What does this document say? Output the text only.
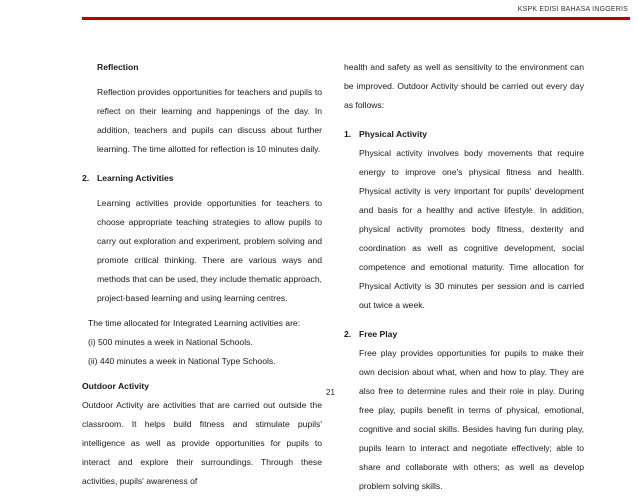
KSPK EDISI BAHASA INGGERIS

Reflection

Reflection provides opportunities for teachers and pupils to reflect on their learning and happenings of the day. In addition, teachers and pupils can discuss about further learning. The time allotted for reflection is 10 minutes daily.

2. Learning Activities

Learning activities provide opportunities for teachers to choose appropriate teaching strategies to allow pupils to carry out exploration and experiment, problem solving and promote critical thinking. There are various ways and methods that can be used, they include thematic approach, project-based learning and using learning centres.

The time allocated for Integrated Learning activities are:

(i) 500 minutes a week in National Schools.

(ii) 440 minutes a week in National Type Schools.

Outdoor Activity

Outdoor Activity are activities that are carried out outside the classroom. It helps build fitness and stimulate pupils' intelligence as well as provide opportunities for pupils to interact and explore their surroundings. Through these activities, pupils' awareness of

health and safety as well as sensitivity to the environment can be improved. Outdoor Activity should be carried out every day as follows:

1. Physical Activity

Physical activity involves body movements that require energy to improve one's physical fitness and health. Physical activity is very important for pupils' development and basis for a healthy and active lifestyle. In addition, physical activity promotes body fitness, dexterity and coordination as well as cognitive development, social competence and emotional maturity. Time allocation for Physical Activity is 30 minutes per session and is carried out twice a week.

2. Free Play

Free play provides opportunities for pupils to make their own decision about what, when and how to play. They are also free to determine rules and their role in play. During free play, pupils benefit in terms of physical, emotional, cognitive and social skills. Besides having fun during play, pupils learn to interact and negotiate effectively; able to share and collaborate with others; as well as develop problem solving skills.

21
